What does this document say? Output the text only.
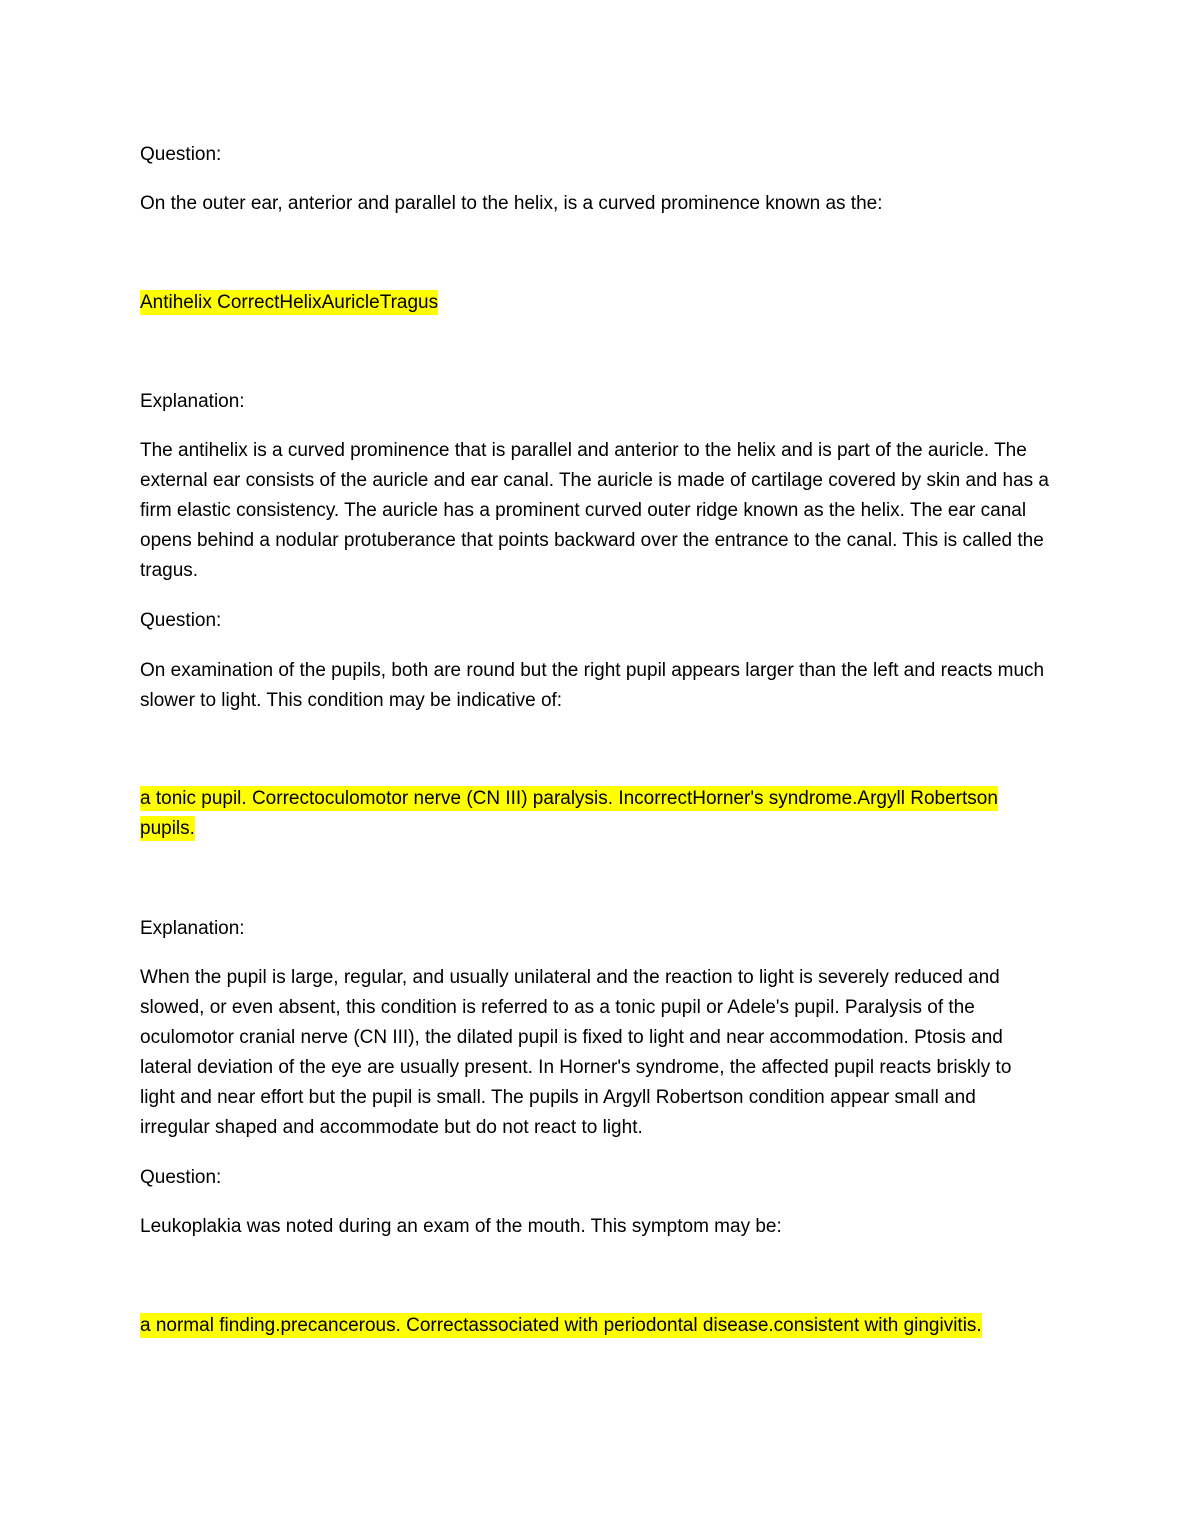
Question:

On the outer ear, anterior and parallel to the helix, is a curved prominence known as the:

Antihelix CorrectHelixAuricleTragus

Explanation:

The antihelix is a curved prominence that is parallel and anterior to the helix and is part of the auricle. The external ear consists of the auricle and ear canal. The auricle is made of cartilage covered by skin and has a firm elastic consistency. The auricle has a prominent curved outer ridge known as the helix. The ear canal opens behind a nodular protuberance that points backward over the entrance to the canal. This is called the tragus.

Question:

On examination of the pupils, both are round but the right pupil appears larger than the left and reacts much slower to light. This condition may be indicative of:

a tonic pupil. Correctoculomotor nerve (CN III) paralysis. IncorrectHorner's syndrome.Argyll Robertson pupils.

Explanation:

When the pupil is large, regular, and usually unilateral and the reaction to light is severely reduced and slowed, or even absent, this condition is referred to as a tonic pupil or Adele's pupil. Paralysis of the oculomotor cranial nerve (CN III), the dilated pupil is fixed to light and near accommodation. Ptosis and lateral deviation of the eye are usually present. In Horner's syndrome, the affected pupil reacts briskly to light and near effort but the pupil is small. The pupils in Argyll Robertson condition appear small and irregular shaped and accommodate but do not react to light.

Question:

Leukoplakia was noted during an exam of the mouth. This symptom may be:

a normal finding.precancerous. Correctassociated with periodontal disease.consistent with gingivitis.
